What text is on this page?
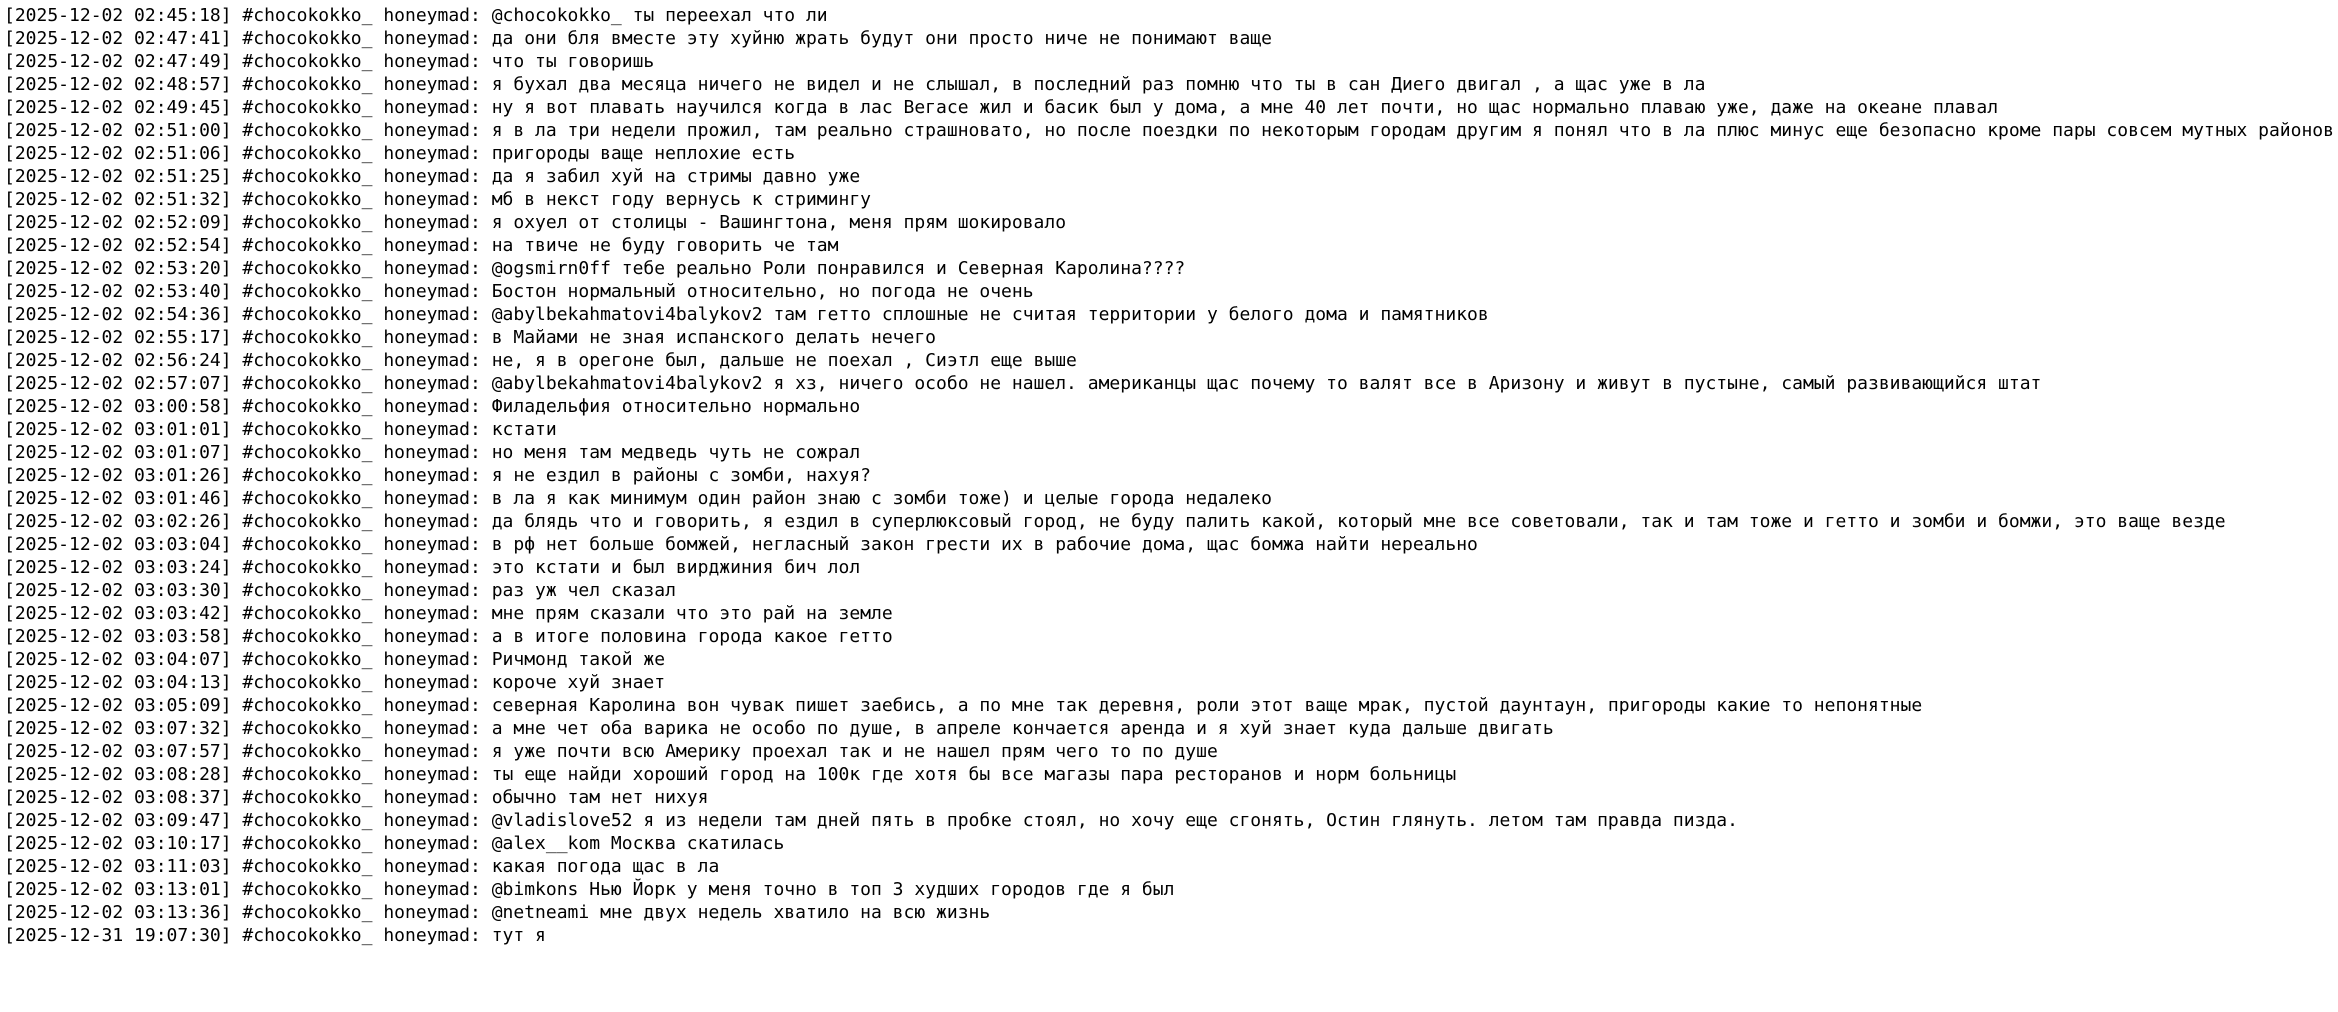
[2025-12-02 02:45:18] #chocokokko_ honeymad: @chocokokko_ ты переехал что ли
[2025-12-02 02:47:41] #chocokokko_ honeymad: да они бля вместе эту хуйню жрать будут они просто ниче не понимают ваще
[2025-12-02 02:47:49] #chocokokko_ honeymad: что ты говоришь
[2025-12-02 02:48:57] #chocokokko_ honeymad: я бухал два месяца ничего не видел и не слышал, в последний раз помню что ты в сан Диего двигал , а щас уже в ла
[2025-12-02 02:49:45] #chocokokko_ honeymad: ну я вот плавать научился когда в лас Вегасе жил и басик был у дома, а мне 40 лет почти, но щас нормально плаваю уже, даже на океане плавал
[2025-12-02 02:51:00] #chocokokko_ honeymad: я в ла три недели прожил, там реально страшновато, но после поездки по некоторым городам другим я понял что в ла плюс минус еще безопасно кроме пары совсем мутных районов
[2025-12-02 02:51:06] #chocokokko_ honeymad: пригороды ваще неплохие есть
[2025-12-02 02:51:25] #chocokokko_ honeymad: да я забил хуй на стримы давно уже
[2025-12-02 02:51:32] #chocokokko_ honeymad: мб в некст году вернусь к стримингу
[2025-12-02 02:52:09] #chocokokko_ honeymad: я охуел от столицы - Вашингтона, меня прям шокировало
[2025-12-02 02:52:54] #chocokokko_ honeymad: на твиче не буду говорить че там
[2025-12-02 02:53:20] #chocokokko_ honeymad: @ogsmirn0ff тебе реально Роли понравился и Северная Каролина????
[2025-12-02 02:53:40] #chocokokko_ honeymad: Бостон нормальный относительно, но погода не очень
[2025-12-02 02:54:36] #chocokokko_ honeymad: @abylbekahmatovi4balykov2 там гетто сплошные не считая территории у белого дома и памятников
[2025-12-02 02:55:17] #chocokokko_ honeymad: в Майами не зная испанского делать нечего
[2025-12-02 02:56:24] #chocokokko_ honeymad: не, я в орегоне был, дальше не поехал , Сиэтл еще выше
[2025-12-02 02:57:07] #chocokokko_ honeymad: @abylbekahmatovi4balykov2 я хз, ничего особо не нашел. американцы щас почему то валят все в Аризону и живут в пустыне, самый развивающийся штат
[2025-12-02 03:00:58] #chocokokko_ honeymad: Филадельфия относительно нормально
[2025-12-02 03:01:01] #chocokokko_ honeymad: кстати
[2025-12-02 03:01:07] #chocokokko_ honeymad: но меня там медведь чуть не сожрал
[2025-12-02 03:01:26] #chocokokko_ honeymad: я не ездил в районы с зомби, нахуя?
[2025-12-02 03:01:46] #chocokokko_ honeymad: в ла я как минимум один район знаю с зомби тоже) и целые города недалеко
[2025-12-02 03:02:26] #chocokokko_ honeymad: да блядь что и говорить, я ездил в суперлюксовый город, не буду палить какой, который мне все советовали, так и там тоже и гетто и зомби и бомжи, это ваще везде
[2025-12-02 03:03:04] #chocokokko_ honeymad: в рф нет больше бомжей, негласный закон грести их в рабочие дома, щас бомжа найти нереально
[2025-12-02 03:03:24] #chocokokko_ honeymad: это кстати и был вирджиния бич лол
[2025-12-02 03:03:30] #chocokokko_ honeymad: раз уж чел сказал
[2025-12-02 03:03:42] #chocokokko_ honeymad: мне прям сказали что это рай на земле
[2025-12-02 03:03:58] #chocokokko_ honeymad: а в итоге половина города какое гетто
[2025-12-02 03:04:07] #chocokokko_ honeymad: Ричмонд такой же
[2025-12-02 03:04:13] #chocokokko_ honeymad: короче хуй знает
[2025-12-02 03:05:09] #chocokokko_ honeymad: северная Каролина вон чувак пишет заебись, а по мне так деревня, роли этот ваще мрак, пустой даунтаун, пригороды какие то непонятные
[2025-12-02 03:07:32] #chocokokko_ honeymad: а мне чет оба варика не особо по душе, в апреле кончается аренда и я хуй знает куда дальше двигать
[2025-12-02 03:07:57] #chocokokko_ honeymad: я уже почти всю Америку проехал так и не нашел прям чего то по душе
[2025-12-02 03:08:28] #chocokokko_ honeymad: ты еще найди хороший город на 100к где хотя бы все магазы пара ресторанов и норм больницы
[2025-12-02 03:08:37] #chocokokko_ honeymad: обычно там нет нихуя
[2025-12-02 03:09:47] #chocokokko_ honeymad: @vladislove52 я из недели там дней пять в пробке стоял, но хочу еще сгонять, Остин глянуть. летом там правда пизда.
[2025-12-02 03:10:17] #chocokokko_ honeymad: @alex__kom Москва скатилась
[2025-12-02 03:11:03] #chocokokko_ honeymad: какая погода щас в ла
[2025-12-02 03:13:01] #chocokokko_ honeymad: @bimkons Нью Йорк у меня точно в топ 3 худших городов где я был
[2025-12-02 03:13:36] #chocokokko_ honeymad: @netneami мне двух недель хватило на всю жизнь
[2025-12-31 19:07:30] #chocokokko_ honeymad: тут я
